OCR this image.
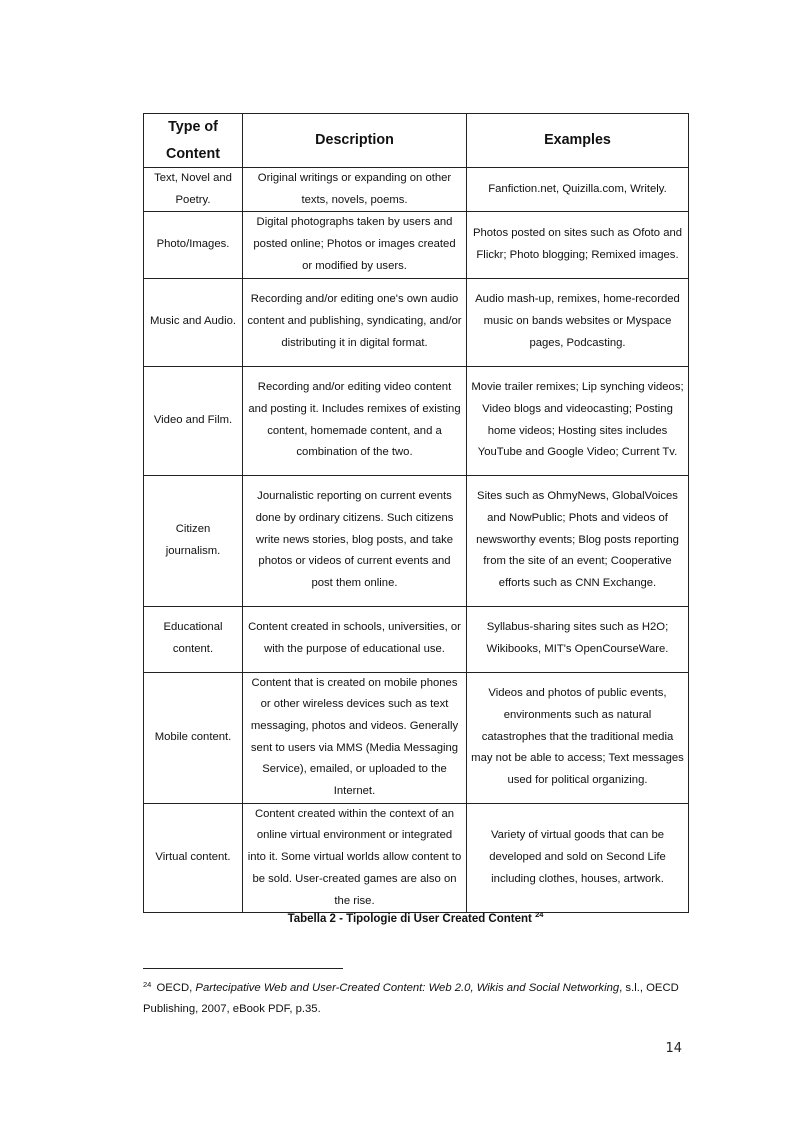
Type of Content	Description	Examples
Text, Novel and Poetry.	Original writings or expanding on other texts, novels, poems.	Fanfiction.net, Quizilla.com, Writely.
Photo/Images.	Digital photographs taken by users and posted online; Photos or images created or modified by users.	Photos posted on sites such as Ofoto and Flickr; Photo blogging; Remixed images.
Music and Audio.	Recording and/or editing one's own audio content and publishing, syndicating, and/or distributing it in digital format.	Audio mash-up, remixes, home-recorded music on bands websites or Myspace pages, Podcasting.
Video and Film.	Recording and/or editing video content and posting it. Includes remixes of existing content, homemade content, and a combination of the two.	Movie trailer remixes; Lip synching videos; Video blogs and videocasting; Posting home videos; Hosting sites includes YouTube and Google Video; Current Tv.
Citizen journalism.	Journalistic reporting on current events done by ordinary citizens. Such citizens write news stories, blog posts, and take photos or videos of current events and post them online.	Sites such as OhmyNews, GlobalVoices and NowPublic; Phots and videos of newsworthy events; Blog posts reporting from the site of an event; Cooperative efforts such as CNN Exchange.
Educational content.	Content created in schools, universities, or with the purpose of educational use.	Syllabus-sharing sites such as H2O; Wikibooks, MIT's OpenCourseWare.
Mobile content.	Content that is created on mobile phones or other wireless devices such as text messaging, photos and videos. Generally sent to users via MMS (Media Messaging Service), emailed, or uploaded to the Internet.	Videos and photos of public events, environments such as natural catastrophes that the traditional media may not be able to access; Text messages used for political organizing.
Virtual content.	Content created within the context of an online virtual environment or integrated into it. Some virtual worlds allow content to be sold. User-created games are also on the rise.	Variety of virtual goods that can be developed and sold on Second Life including clothes, houses, artwork.
Tabella 2 - Tipologie di User Created Content $^{24}$
$^{24}$ OECD, Partecipative Web and User-Created Content: Web 2.0, Wikis and Social Networking, s.l., OECD Publishing, 2007, eBook PDF, p.35.
14
